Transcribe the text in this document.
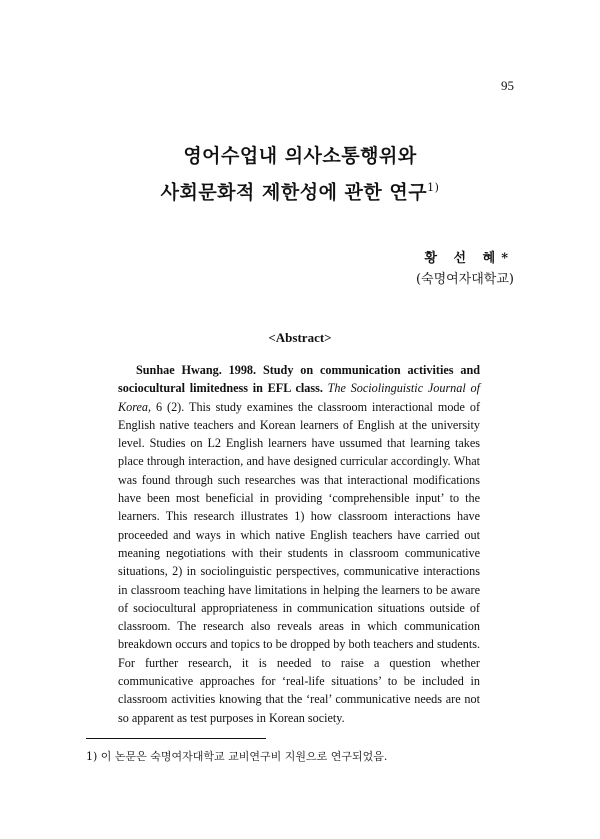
95
영어수업내 의사소통행위와
사회문화적 제한성에 관한 연구$^{1)}$
황 선 혜*
(숙명여자대학교)
<Abstract>
Sunhae Hwang. 1998. Study on communication activities and sociocultural limitedness in EFL class. The Sociolinguistic Journal of Korea, 6 (2). This study examines the classroom interactional mode of English native teachers and Korean learners of English at the university level. Studies on L2 English learners have ussumed that learning takes place through interaction, and have designed curricular accordingly. What was found through such researches was that interactional modifications have been most beneficial in providing ‘comprehensible input’ to the learners. This research illustrates 1) how classroom interactions have proceeded and ways in which native English teachers have carried out meaning negotiations with their students in classroom communicative situations, 2) in sociolinguistic perspectives, communicative interactions in classroom teaching have limitations in helping the learners to be aware of sociocultural appropriateness in communication situations outside of classroom. The research also reveals areas in which communication breakdown occurs and topics to be dropped by both teachers and students. For further research, it is needed to raise a question whether communicative approaches for ‘real-life situations’ to be included in classroom activities knowing that the ‘real’ communicative needs are not so apparent as test purposes in Korean society.
1) 이 논문은 숙명여자대학교 교비연구비 지원으로 연구되었음.
